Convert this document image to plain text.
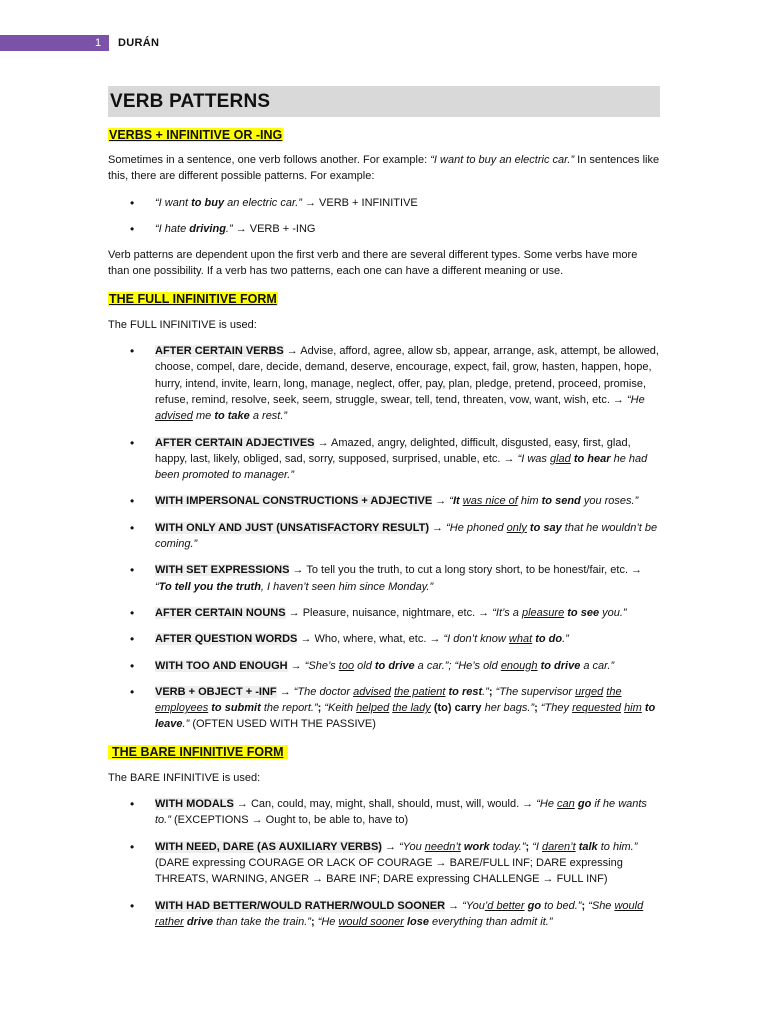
1	DURÁN
VERB PATTERNS
VERBS + INFINITIVE OR -ING

Sometimes in a sentence, one verb follows another. For example: “I want to buy an electric car.” In sentences like this, there are different possible patterns. For example:

• “I want to buy an electric car.” → VERB + INFINITIVE
• “I hate driving.” → VERB + -ING

Verb patterns are dependent upon the first verb and there are several different types. Some verbs have more than one possibility. If a verb has two patterns, each one can have a different meaning or use.

THE FULL INFINITIVE FORM

The FULL INFINITIVE is used:

• AFTER CERTAIN VERBS → Advise, afford, agree, allow sb, appear, arrange, ask, attempt, be allowed, choose, compel, dare, decide, demand, deserve, encourage, expect, fail, grow, hasten, happen, hope, hurry, intend, invite, learn, long, manage, neglect, offer, pay, plan, pledge, pretend, proceed, promise, refuse, remind, resolve, seek, seem, struggle, swear, tell, tend, threaten, vow, want, wish, etc. → “He advised me to take a rest.”
• AFTER CERTAIN ADJECTIVES → Amazed, angry, delighted, difficult, disgusted, easy, first, glad, happy, last, likely, obliged, sad, sorry, supposed, surprised, unable, etc. → “I was glad to hear he had been promoted to manager.”
• WITH IMPERSONAL CONSTRUCTIONS + ADJECTIVE → “It was nice of him to send you roses.”
• WITH ONLY AND JUST (UNSATISFACTORY RESULT) → “He phoned only to say that he wouldn’t be coming.”
• WITH SET EXPRESSIONS → To tell you the truth, to cut a long story short, to be honest/fair, etc. → “To tell you the truth, I haven’t seen him since Monday.”
• AFTER CERTAIN NOUNS → Pleasure, nuisance, nightmare, etc. → “It’s a pleasure to see you.”
• AFTER QUESTION WORDS → Who, where, what, etc. → “I don’t know what to do.”
• WITH TOO AND ENOUGH → “She’s too old to drive a car.”; “He’s old enough to drive a car.”
• VERB + OBJECT + -INF → “The doctor advised the patient to rest.”; “The supervisor urged the employees to submit the report.”; “Keith helped the lady (to) carry her bags.”; “They requested him to leave.” (OFTEN USED WITH THE PASSIVE)
THE BARE INFINITIVE FORM

The BARE INFINITIVE is used:

• WITH MODALS → Can, could, may, might, shall, should, must, will, would. → “He can go if he wants to.” (EXCEPTIONS → Ought to, be able to, have to)
• WITH NEED, DARE (AS AUXILIARY VERBS) → “You needn’t work today.”; “I daren’t talk to him.” (DARE expressing COURAGE OR LACK OF COURAGE → BARE/FULL INF; DARE expressing THREATS, WARNING, ANGER → BARE INF; DARE expressing CHALLENGE → FULL INF)
• WITH HAD BETTER/WOULD RATHER/WOULD SOONER → “You’d better go to bed.”; “She would rather drive than take the train.”; “He would sooner lose everything than admit it.”
